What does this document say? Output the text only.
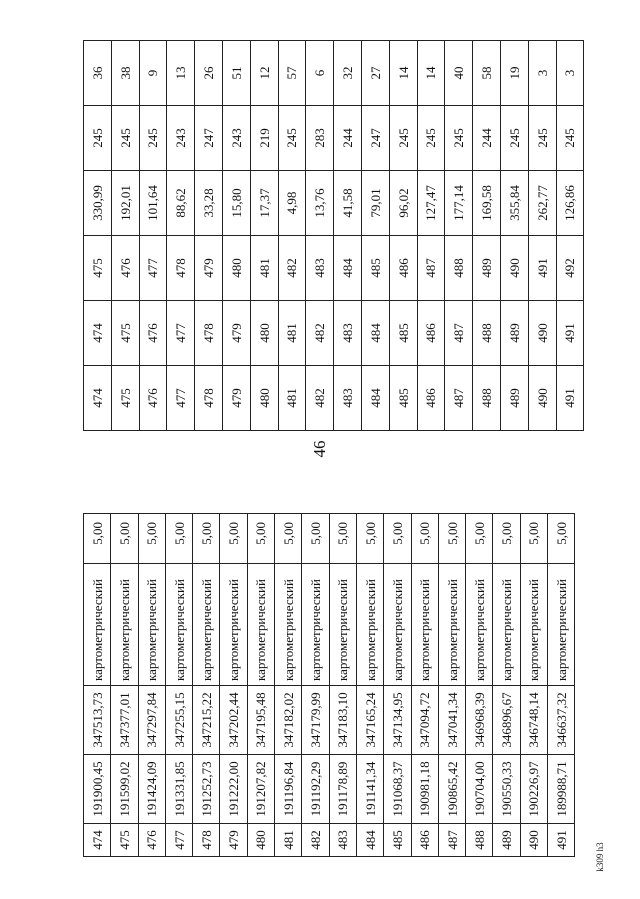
46
k309 h3
474	191900,45	347513,73	картометрический	5,00
475	191599,02	347377,01	картометрический	5,00
476	191424,09	347297,84	картометрический	5,00
477	191331,85	347255,15	картометрический	5,00
478	191252,73	347215,22	картометрический	5,00
479	191222,00	347202,44	картометрический	5,00
480	191207,82	347195,48	картометрический	5,00
481	191196,84	347182,02	картометрический	5,00
482	191192,29	347179,99	картометрический	5,00
483	191178,89	347183,10	картометрический	5,00
484	191141,34	347165,24	картометрический	5,00
485	191068,37	347134,95	картометрический	5,00
486	190981,18	347094,72	картометрический	5,00
487	190865,42	347041,34	картометрический	5,00
488	190704,00	346968,39	картометрический	5,00
489	190550,33	346896,67	картометрический	5,00
490	190226,97	346748,14	картометрический	5,00
491	189988,71	346637,32	картометрический	5,00
474	474	475	330,99	245	36
475	475	476	192,01	245	38
476	476	477	101,64	245	9
477	477	478	88,62	243	13
478	478	479	33,28	247	26
479	479	480	15,80	243	51
480	480	481	17,37	219	12
481	481	482	4,98	245	57
482	482	483	13,76	283	6
483	483	484	41,58	244	32
484	484	485	79,01	247	27
485	485	486	96,02	245	14
486	486	487	127,47	245	14
487	487	488	177,14	245	40
488	488	489	169,58	244	58
489	489	490	355,84	245	19
490	490	491	262,77	245	3
491	491	492	126,86	245	3
